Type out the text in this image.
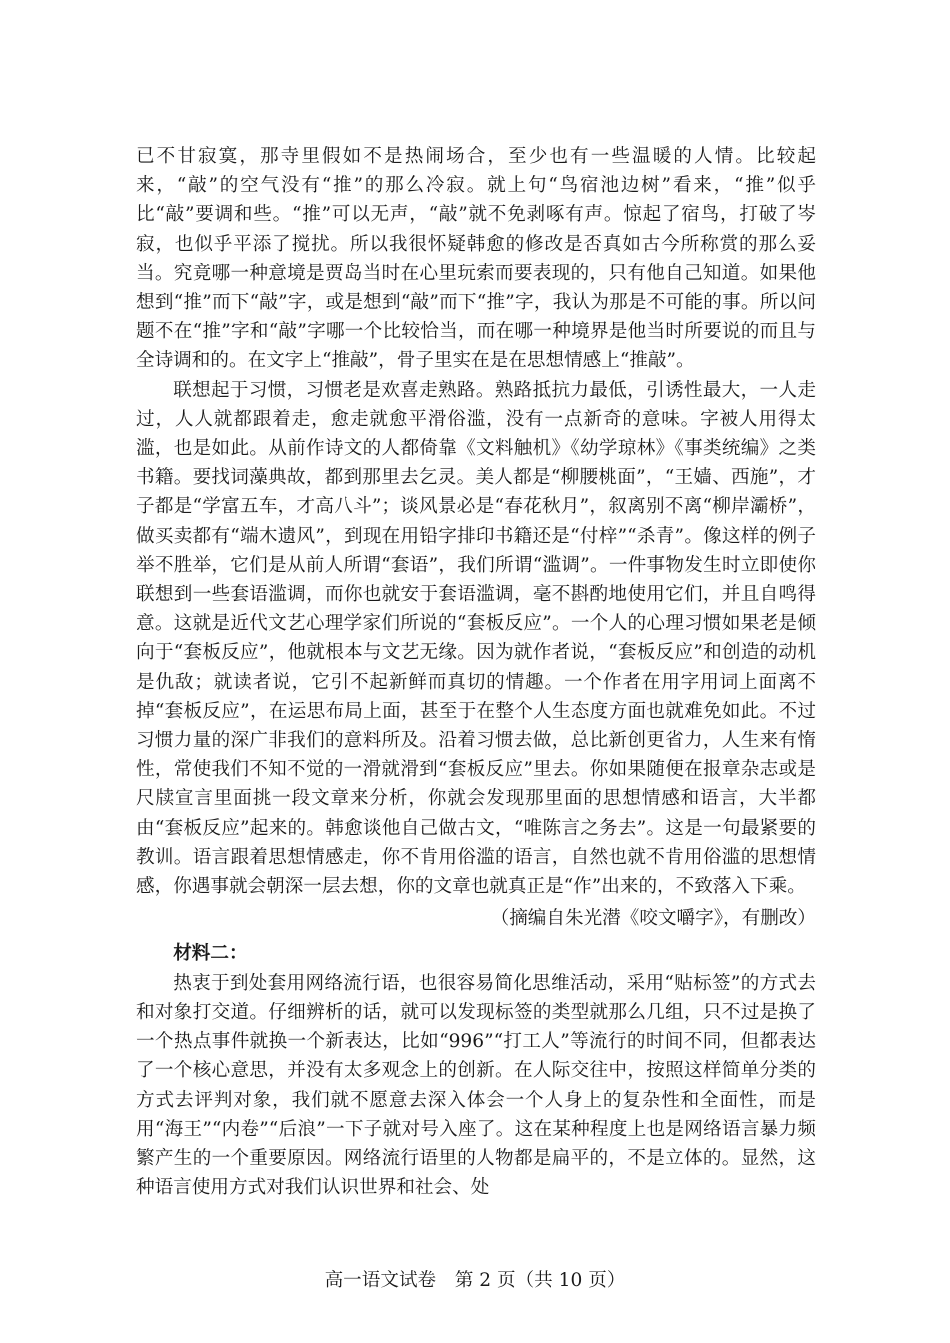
已不甘寂寞，那寺里假如不是热闹场合，至少也有一些温暖的人情。比较起来，“敲”的空气没有“推”的那么冷寂。就上句“鸟宿池边树”看来，“推”似乎比“敲”要调和些。“推”可以无声，“敲”就不免剥啄有声。惊起了宿鸟，打破了岑寂，也似乎平添了搅扰。所以我很怀疑韩愈的修改是否真如古今所称赏的那么妥当。究竟哪一种意境是贾岛当时在心里玩索而要表现的，只有他自己知道。如果他想到“推”而下“敲”字，或是想到“敲”而下“推”字，我认为那是不可能的事。所以问题不在“推”字和“敲”字哪一个比较恰当，而在哪一种境界是他当时所要说的而且与全诗调和的。在文字上“推敲”，骨子里实在是在思想情感上“推敲”。

联想起于习惯，习惯老是欢喜走熟路。熟路抵抗力最低，引诱性最大，一人走过，人人就都跟着走，愈走就愈平滑俗滥，没有一点新奇的意味。字被人用得太滥，也是如此。从前作诗文的人都倚靠《文料触机》《幼学琼林》《事类统编》之类书籍。要找词藻典故，都到那里去乞灵。美人都是“柳腰桃面”，“王嫱、西施”，才子都是“学富五车，才高八斗”；谈风景必是“春花秋月”，叙离别不离“柳岸灞桥”，做买卖都有“端木遗风”，到现在用铅字排印书籍还是“付梓”“杀青”。像这样的例子举不胜举，它们是从前人所谓“套语”，我们所谓“滥调”。一件事物发生时立即使你联想到一些套语滥调，而你也就安于套语滥调，毫不斟酌地使用它们，并且自鸣得意。这就是近代文艺心理学家们所说的“套板反应”。一个人的心理习惯如果老是倾向于“套板反应”，他就根本与文艺无缘。因为就作者说，“套板反应”和创造的动机是仇敌；就读者说，它引不起新鲜而真切的情趣。一个作者在用字用词上面离不掉“套板反应”，在运思布局上面，甚至于在整个人生态度方面也就难免如此。不过习惯力量的深广非我们的意料所及。沿着习惯去做，总比新创更省力，人生来有惰性，常使我们不知不觉的一滑就滑到“套板反应”里去。你如果随便在报章杂志或是尺牍宣言里面挑一段文章来分析，你就会发现那里面的思想情感和语言，大半都由“套板反应”起来的。韩愈谈他自己做古文，“唯陈言之务去”。这是一句最紧要的教训。语言跟着思想情感走，你不肯用俗滥的语言，自然也就不肯用俗滥的思想情感，你遇事就会朝深一层去想，你的文章也就真正是“作”出来的，不致落入下乘。

（摘编自朱光潜《咬文嚼字》，有删改）

材料二：

热衷于到处套用网络流行语，也很容易简化思维活动，采用“贴标签”的方式去和对象打交道。仔细辨析的话，就可以发现标签的类型就那么几组，只不过是换了一个热点事件就换一个新表达，比如“996”“打工人”等流行的时间不同，但都表达了一个核心意思，并没有太多观念上的创新。在人际交往中，按照这样简单分类的方式去评判对象，我们就不愿意去深入体会一个人身上的复杂性和全面性，而是用“海王”“内卷”“后浪”一下子就对号入座了。这在某种程度上也是网络语言暴力频繁产生的一个重要原因。网络流行语里的人物都是扁平的，不是立体的。显然，这种语言使用方式对我们认识世界和社会、处

高一语文试卷　第 2 页（共 10 页）
